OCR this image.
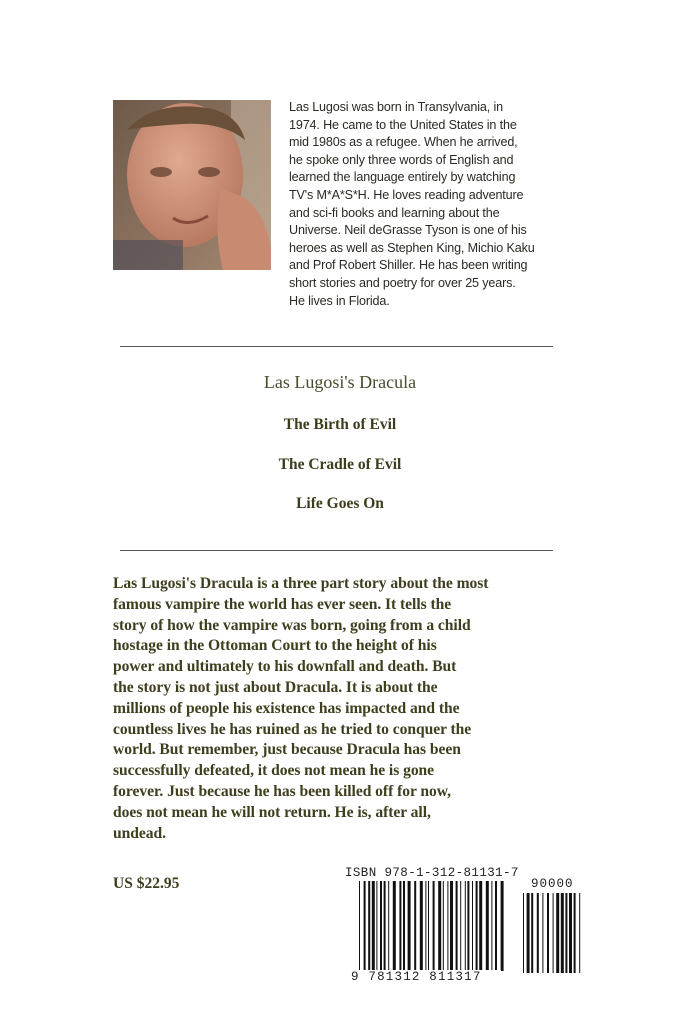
Las Lugosi was born in Transylvania, in
1974. He came to the United States in the
mid 1980s as a refugee. When he arrived,
he spoke only three words of English and
learned the language entirely by watching
TV's M*A*S*H. He loves reading adventure
and sci-fi books and learning about the
Universe. Neil deGrasse Tyson is one of his
heroes as well as Stephen King, Michio Kaku
and Prof Robert Shiller. He has been writing
short stories and poetry for over 25 years.
He lives in Florida.
Las Lugosi's Dracula
The Birth of Evil
The Cradle of Evil
Life Goes On
Las Lugosi's Dracula is a three part story about the most
famous vampire the world has ever seen. It tells the
story of how the vampire was born, going from a child
hostage in the Ottoman Court to the height of his
power and ultimately to his downfall and death. But
the story is not just about Dracula. It is about the
millions of people his existence has impacted and the
countless lives he has ruined as he tried to conquer the
world. But remember, just because Dracula has been
successfully defeated, it does not mean he is gone
forever. Just because he has been killed off for now,
does not mean he will not return. He is, after all,
undead.
US $22.95
ISBN 978-1-312-81131-7
90000
9 781312 811317
